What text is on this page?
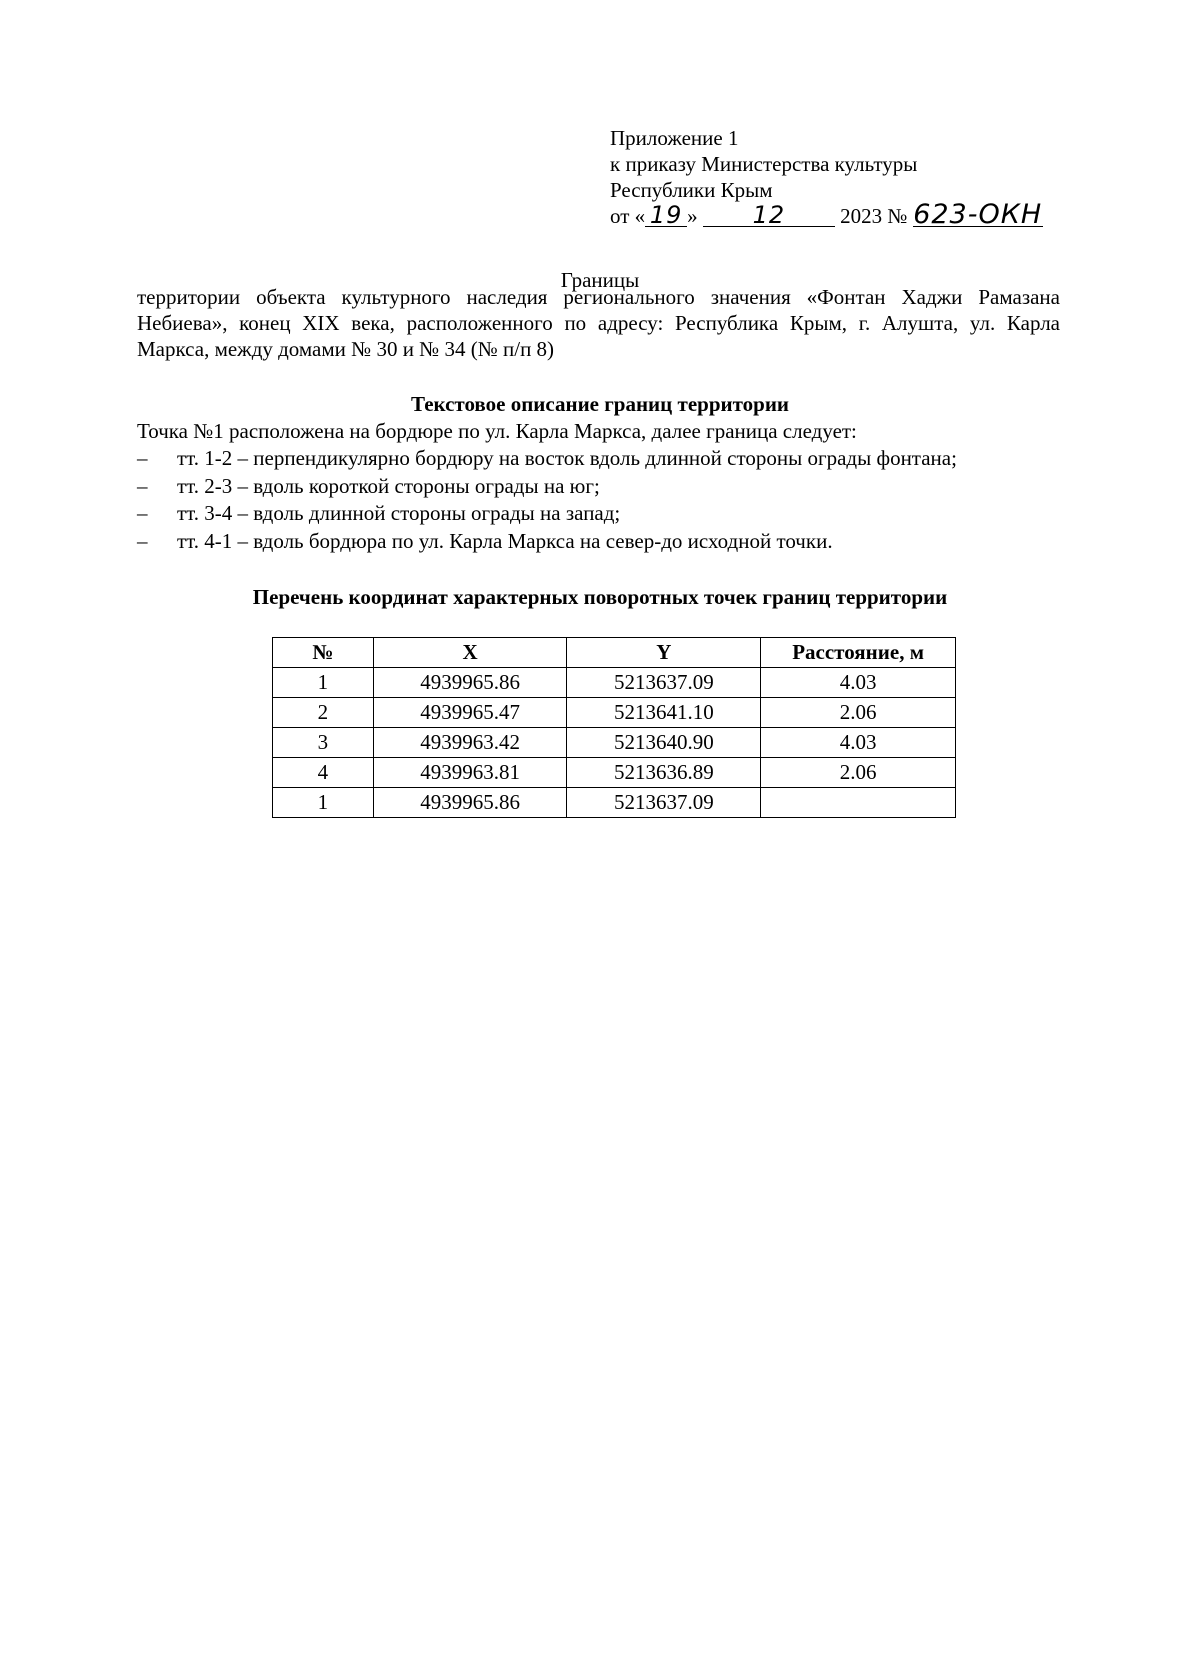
Приложение 1
к приказу Министерства культуры
Республики Крым
от « 19 » 12	2023 № 623-ОКН
Границы
территории объекта культурного наследия регионального значения «Фонтан Хаджи Рамазана Небиева», конец XIX века, расположенного по адресу: Республика Крым, г. Алушта, ул. Карла Маркса, между домами № 30 и № 34 (№ п/п 8)
Текстовое описание границ территории
Точка №1 расположена на бордюре по ул. Карла Маркса, далее граница следует:
–	тт. 1-2 – перпендикулярно бордюру на восток вдоль длинной стороны ограды фонтана;
–	тт. 2-3 – вдоль короткой стороны ограды на юг;
–	тт. 3-4 – вдоль длинной стороны ограды на запад;
–	тт. 4-1 – вдоль бордюра по ул. Карла Маркса на север-до исходной точки.
Перечень координат характерных поворотных точек границ территории
№	X	Y	Расстояние, м
1	4939965.86	5213637.09	4.03
2	4939965.47	5213641.10	2.06
3	4939963.42	5213640.90	4.03
4	4939963.81	5213636.89	2.06
1	4939965.86	5213637.09	
